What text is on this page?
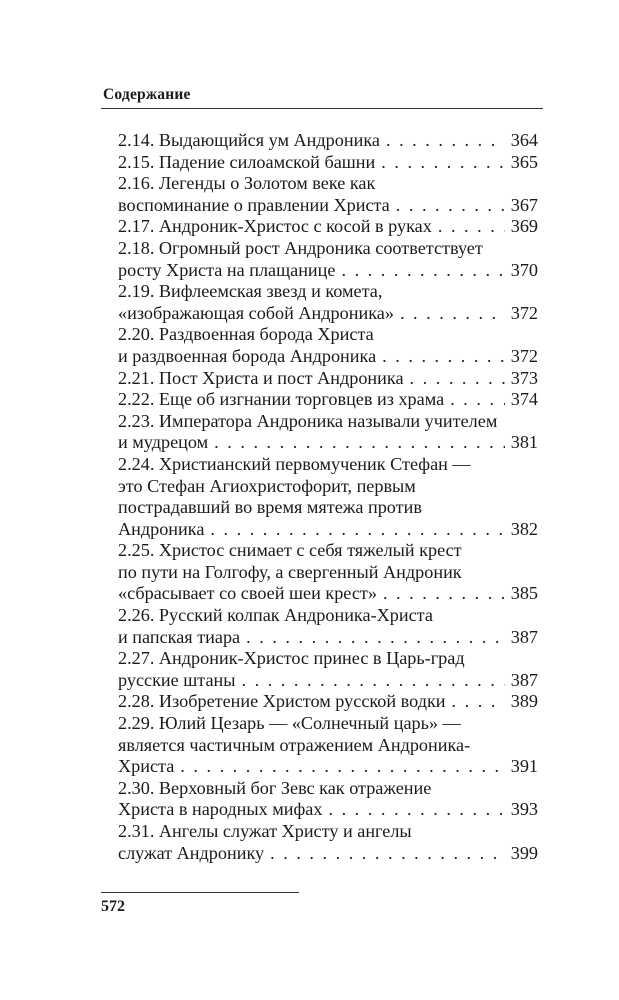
Содержание
2.14. Выдающийся ум Андроника . . .	364
2.15. Падение силоамской башни . . .	365
2.16. Легенды о Золотом веке как
воспоминание о правлении Христа . . .	367
2.17. Андроник-Христос с косой в руках . . .	369
2.18. Огромный рост Андроника соответствует
росту Христа на плащанице . . .	370
2.19. Вифлеемская звезд и комета,
«изображающая собой Андроника» . . .	372
2.20. Раздвоенная борода Христа
и раздвоенная борода Андроника . . .	372
2.21. Пост Христа и пост Андроника . . .	373
2.22. Еще об изгнании торговцев из храма . . .	374
2.23. Императора Андроника называли учителем
и мудрецом . . .	381
2.24. Христианский первомученик Стефан —
это Стефан Агиохристофорит, первым
пострадавший во время мятежа против
Андроника . . .	382
2.25. Христос снимает с себя тяжелый крест
по пути на Голгофу, а свергенный Андроник
«сбрасывает со своей шеи крест» . . .	385
2.26. Русский колпак Андроника-Христа
и папская тиара . . .	387
2.27. Андроник-Христос принес в Царь-град
русские штаны . . .	387
2.28. Изобретение Христом русской водки . . .	389
2.29. Юлий Цезарь — «Солнечный царь» —
является частичным отражением Андроника-
Христа . . .	391
2.30. Верховный бог Зевс как отражение
Христа в народных мифах . . .	393
2.31. Ангелы служат Христу и ангелы
служат Андронику . . .	399
572
